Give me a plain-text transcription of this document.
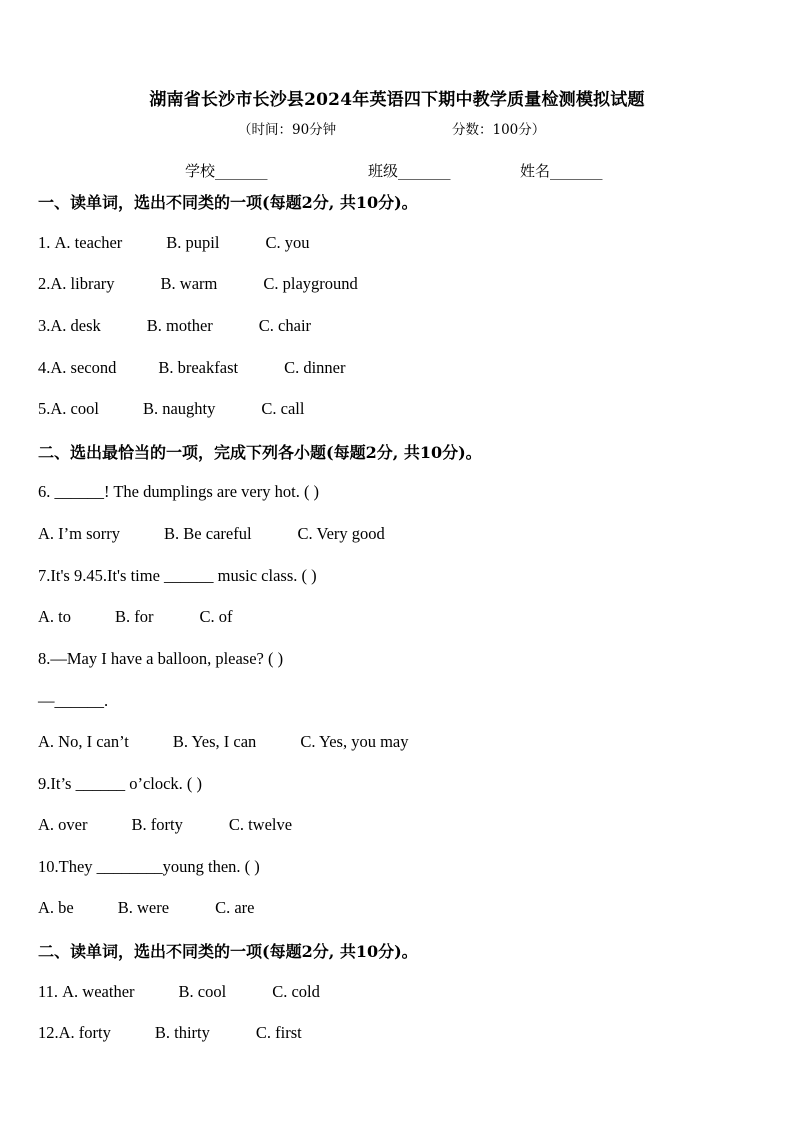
湖南省长沙市长沙县2024年英语四下期中教学质量检测模拟试题
（时间：90分钟	分数：100分）
学校_______	班级_______	姓名_______
一、读单词，选出不同类的一项(每题2分, 共10分)。
1. A. teacher	B. pupil	C. you
2.A. library	B. warm	C. playground
3.A. desk	B. mother	C. chair
4.A. second	B. breakfast	C. dinner
5.A. cool	B. naughty	C. call
二、选出最恰当的一项，完成下列各小题(每题2分, 共10分)。
6. ______! The dumplings are very hot. ( )
A. I’m sorry	B. Be careful	C. Very good
7.It's 9.45.It's time ______ music class. ( )
A. to	B. for	C. of
8.—May I have a balloon, please? ( )
—______.
A. No, I can’t	B. Yes, I can	C. Yes, you may
9.It’s ______ o’clock. ( )
A. over	B. forty	C. twelve
10.They ________young then. ( )
A. be	B. were	C. are
二、读单词，选出不同类的一项(每题2分, 共10分)。
11. A. weather	B. cool	C. cold
12.A. forty	B. thirty	C. first
